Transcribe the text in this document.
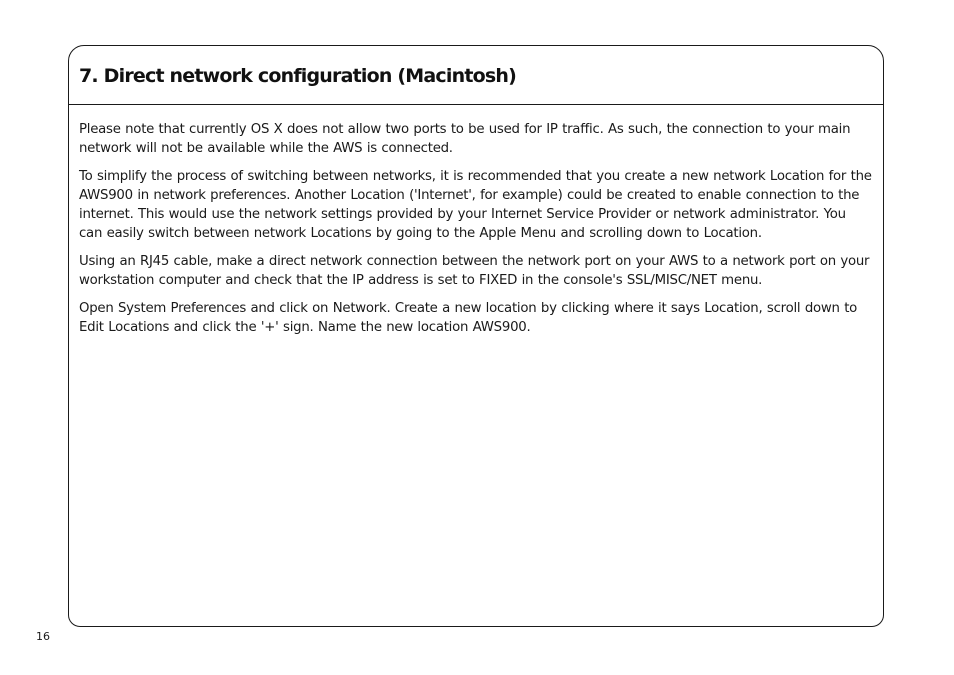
7. Direct network configuration (Macintosh)

Please note that currently OS X does not allow two ports to be used for IP traffic. As such, the connection to your main network will not be available while the AWS is connected.

To simplify the process of switching between networks, it is recommended that you create a new network Location for the AWS900 in network preferences. Another Location ('Internet', for example) could be created to enable connection to the internet. This would use the network settings provided by your Internet Service Provider or network administrator. You can easily switch between network Locations by going to the Apple Menu and scrolling down to Location.

Using an RJ45 cable, make a direct network connection between the network port on your AWS to a network port on your workstation computer and check that the IP address is set to FIXED in the console's SSL/MISC/NET menu.

Open System Preferences and click on Network. Create a new location by clicking where it says Location, scroll down to Edit Locations and click the '+' sign. Name the new location AWS900.

16
